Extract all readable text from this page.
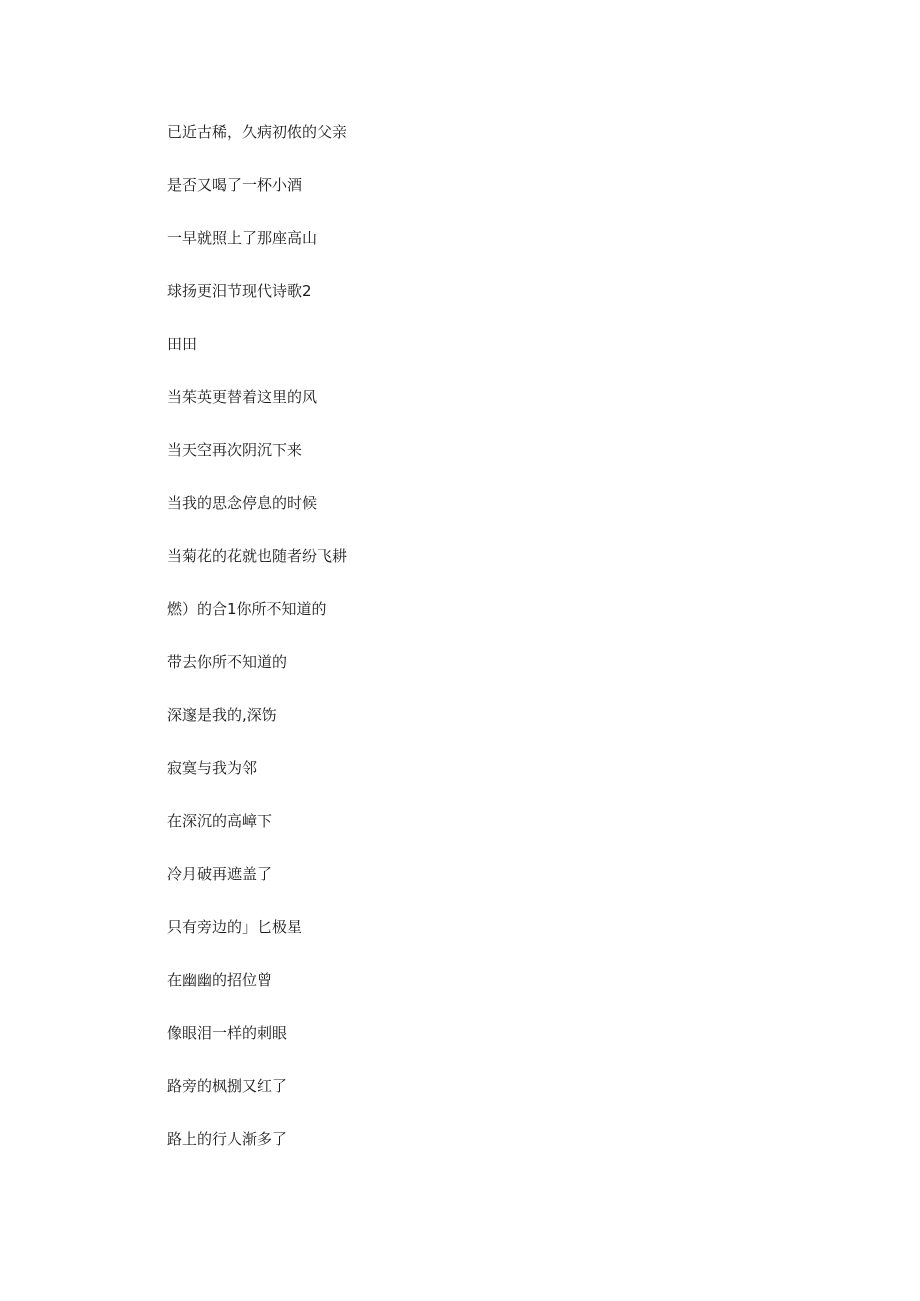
已近古稀，久病初侬的父亲
是否又喝了一杯小酒
一早就照上了那座高山
球扬更汨节现代诗歌2
田田
当茱英更替着这里的风
当天空再次阴沉下来
当我的思念停息的时候
当菊花的花就也随者纷飞耕
燃）的合1你所不知道的
带去你所不知道的
深邃是我的,深饬
寂寞与我为邻
在深沉的高嶂下
冷月破再遮盖了
只有旁边的」匕极星
在幽幽的招位曾
像眼泪一样的刺眼
路旁的枫捌又红了
路上的行人渐多了
